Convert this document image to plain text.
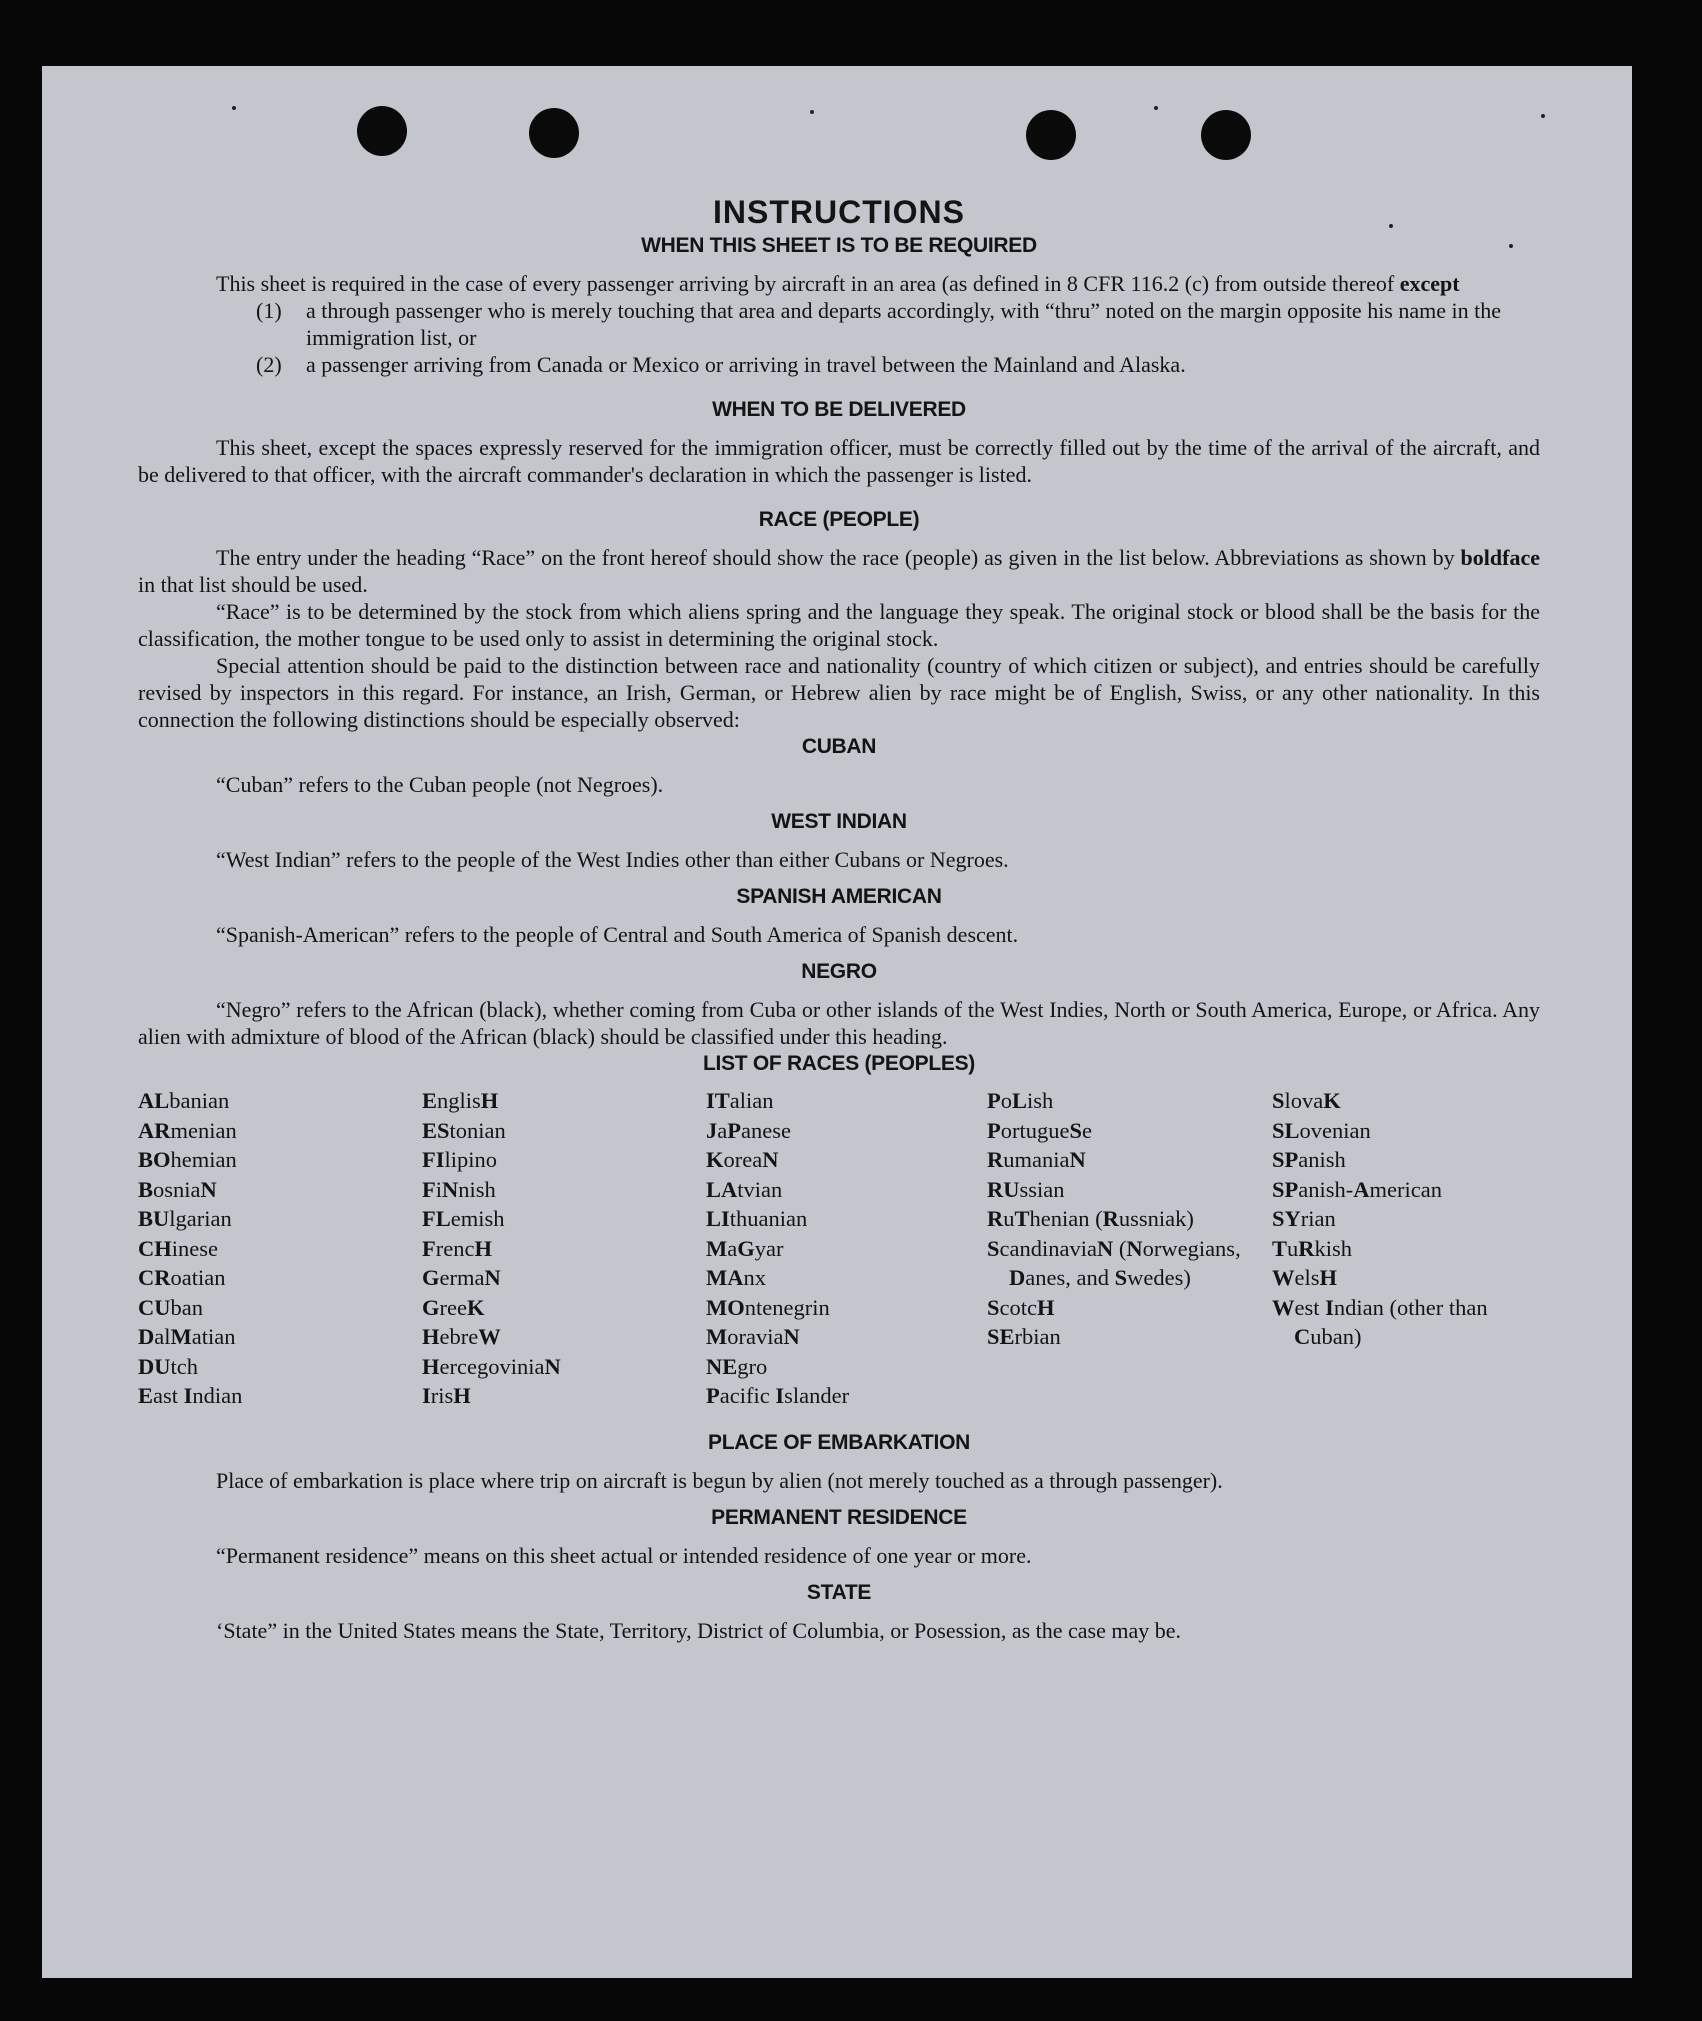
INSTRUCTIONS
WHEN THIS SHEET IS TO BE REQUIRED

This sheet is required in the case of every passenger arriving by aircraft in an area (as defined in 8 CFR 116.2 (c) from outside thereof except

(1) a through passenger who is merely touching that area and departs accordingly, with “thru” noted on the margin opposite his name in the immigration list, or
(2) a passenger arriving from Canada or Mexico or arriving in travel between the Mainland and Alaska.
WHEN TO BE DELIVERED

This sheet, except the spaces expressly reserved for the immigration officer, must be correctly filled out by the time of the arrival of the aircraft, and be delivered to that officer, with the aircraft commander's declaration in which the passenger is listed.

RACE (PEOPLE)

The entry under the heading “Race” on the front hereof should show the race (people) as given in the list below. Abbreviations as shown by boldface in that list should be used.

“Race” is to be determined by the stock from which aliens spring and the language they speak. The original stock or blood shall be the basis for the classification, the mother tongue to be used only to assist in determining the original stock.

Special attention should be paid to the distinction between race and nationality (country of which citizen or subject), and entries should be carefully revised by inspectors in this regard. For instance, an Irish, German, or Hebrew alien by race might be of English, Swiss, or any other nationality. In this connection the following distinctions should be especially observed:

CUBAN

“Cuban” refers to the Cuban people (not Negroes).

WEST INDIAN

“West Indian” refers to the people of the West Indies other than either Cubans or Negroes.

SPANISH AMERICAN

“Spanish-American” refers to the people of Central and South America of Spanish descent.

NEGRO

“Negro” refers to the African (black), whether coming from Cuba or other islands of the West Indies, North or South America, Europe, or Africa. Any alien with admixture of blood of the African (black) should be classified under this heading.

LIST OF RACES (PEOPLES)
ALbanian
ARmenian
BOhemian
BosniaN
BUlgarian
CHinese
CRoatian
CUban
DalMatian
DUtch
East Indian
EnglisH
EStonian
FIlipino
FiNnish
FLemish
FrencH
GermaN
GreeK
HebreW
HercegoviniaN
IrisH
ITalian
JaPanese
KoreaN
LAtvian
LIthuanian
MaGyar
MAnx
MOntenegrin
MoraviaN
NEgro
Pacific Islander
PoLish
PortugueSe
RumaniaN
RUssian
RuThenian (Russniak)
ScandinaviaN (Norwegians, Danes, and Swedes)
ScotcH
SErbian
SlovaK
SLovenian
SPanish
SPanish-American
SYrian
TuRkish
WelsH
West Indian (other than Cuban)
PLACE OF EMBARKATION

Place of embarkation is place where trip on aircraft is begun by alien (not merely touched as a through passenger).

PERMANENT RESIDENCE

“Permanent residence” means on this sheet actual or intended residence of one year or more.

STATE

‘State” in the United States means the State, Territory, District of Columbia, or Posession, as the case may be.
